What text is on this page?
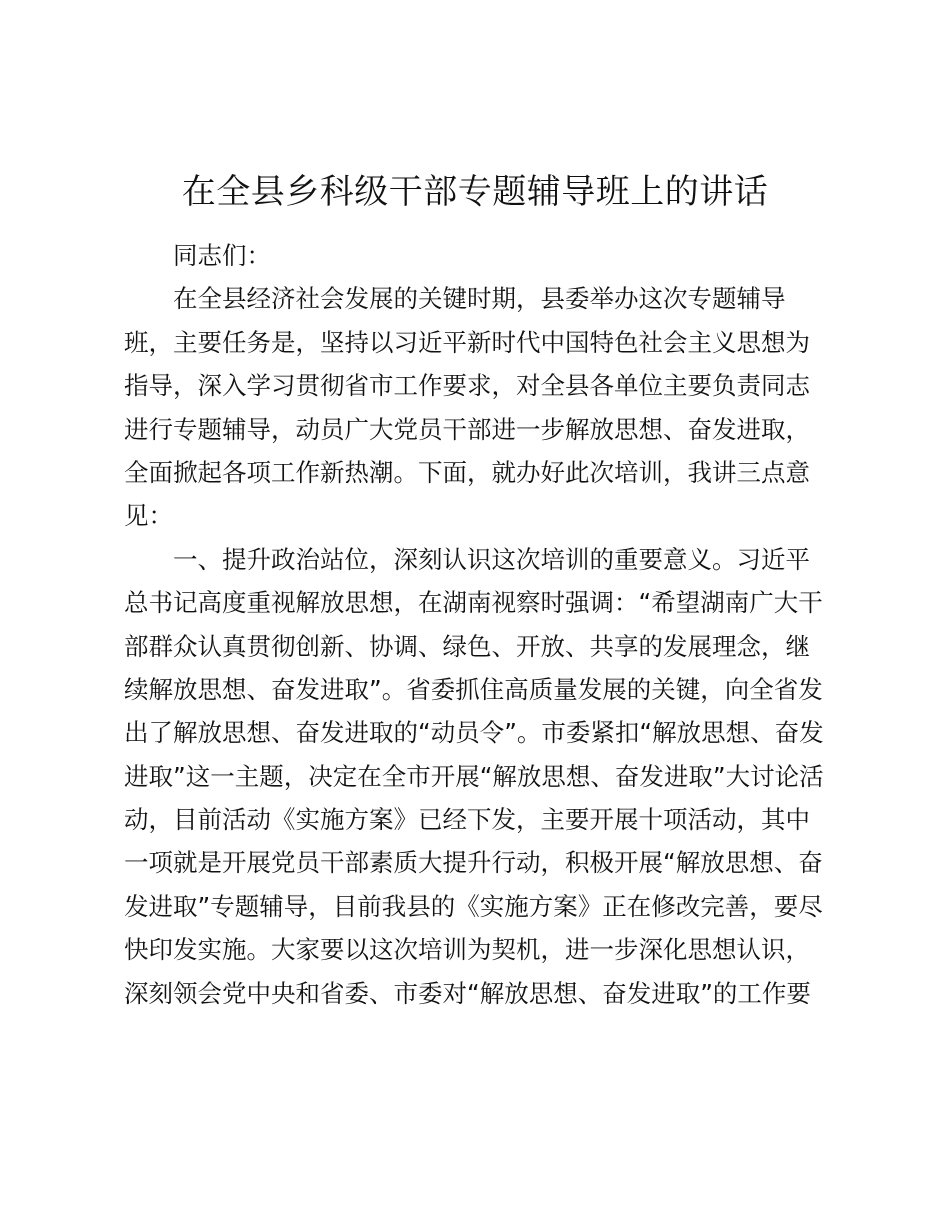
在全县乡科级干部专题辅导班上的讲话
同志们：
在全县经济社会发展的关键时期，县委举办这次专题辅导
班，主要任务是，坚持以习近平新时代中国特色社会主义思想为
指导，深入学习贯彻省市工作要求，对全县各单位主要负责同志
进行专题辅导，动员广大党员干部进一步解放思想、奋发进取，
全面掀起各项工作新热潮。下面，就办好此次培训，我讲三点意
见：
一、提升政治站位，深刻认识这次培训的重要意义。习近平
总书记高度重视解放思想，在湖南视察时强调：“希望湖南广大干
部群众认真贯彻创新、协调、绿色、开放、共享的发展理念，继
续解放思想、奋发进取”。省委抓住高质量发展的关键，向全省发
出了解放思想、奋发进取的“动员令”。市委紧扣“解放思想、奋发
进取”这一主题，决定在全市开展“解放思想、奋发进取”大讨论活
动，目前活动《实施方案》已经下发，主要开展十项活动，其中
一项就是开展党员干部素质大提升行动，积极开展“解放思想、奋
发进取”专题辅导，目前我县的《实施方案》正在修改完善，要尽
快印发实施。大家要以这次培训为契机，进一步深化思想认识，
深刻领会党中央和省委、市委对“解放思想、奋发进取”的工作要
